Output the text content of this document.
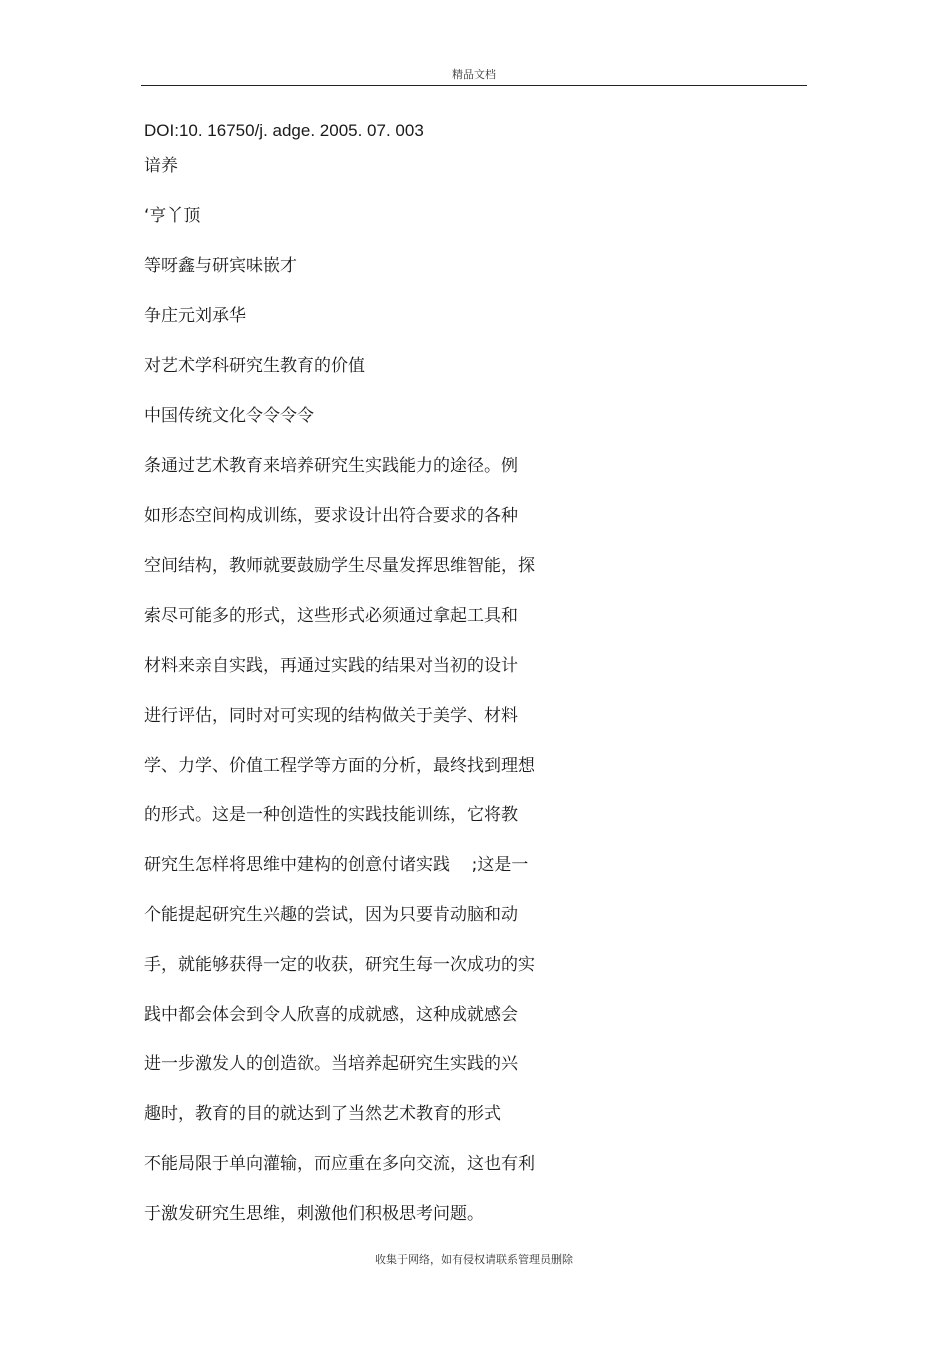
精品文档
DOI:10. 16750/j. adge. 2005. 07. 003
谙养
‘亨丫顶
等呀鑫与研宾味嵌才
争庄元刘承华
对艺术学科研究生教育的价值
中国传统文化令令令令
条通过艺术教育来培养研究生实践能力的途径。例
如形态空间构成训练，要求设计出符合要求的各种
空间结构，教师就要鼓励学生尽量发挥思维智能，探
索尽可能多的形式，这些形式必须通过拿起工具和
材料来亲自实践，再通过实践的结果对当初的设计
进行评估，同时对可实现的结构做关于美学、材料
学、力学、价值工程学等方面的分析，最终找到理想
的形式。这是一种创造性的实践技能训练，它将教
研究生怎样将思维中建构的创意付诸实践    ;这是一
个能提起研究生兴趣的尝试，因为只要肯动脑和动
手，就能够获得一定的收获，研究生每一次成功的实
践中都会体会到令人欣喜的成就感，这种成就感会
进一步激发人的创造欲。当培养起研究生实践的兴
趣时，教育的目的就达到了当然艺术教育的形式
不能局限于单向灌输，而应重在多向交流，这也有利
于激发研究生思维，刺激他们积极思考问题。
收集于网络，如有侵权请联系管理员删除
